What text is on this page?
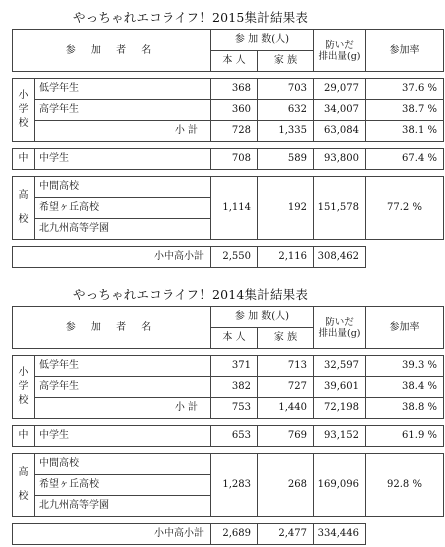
やっちゃれエコライフ！2015集計結果表
参 加 者 名		参 加 数(人)		防いだ
排出量(g)	参加率
		本 人	家 族		

小学校	低学年生	368	703	29,077	37.6 %
	高学年生	360	632	34,007	38.7 %
	小 計	728	1,335	63,084	38.1 %

中	中学生	708	589	93,800	67.4 %

高校	中間高校	1,114	192	151,578	77.2 %
	希望ヶ丘高校				
	北九州高等学園				

小中高小計		2,550	2,116	308,462	
やっちゃれエコライフ！2014集計結果表
参 加 者 名		参 加 数(人)		防いだ
排出量(g)	参加率
		本 人	家 族		

小学校	低学年生	371	713	32,597	39.3 %
	高学年生	382	727	39,601	38.4 %
	小 計	753	1,440	72,198	38.8 %

中	中学生	653	769	93,152	61.9 %

高校	中間高校	1,283	268	169,096	92.8 %
	希望ヶ丘高校				
	北九州高等学園				

小中高小計		2,689	2,477	334,446	
